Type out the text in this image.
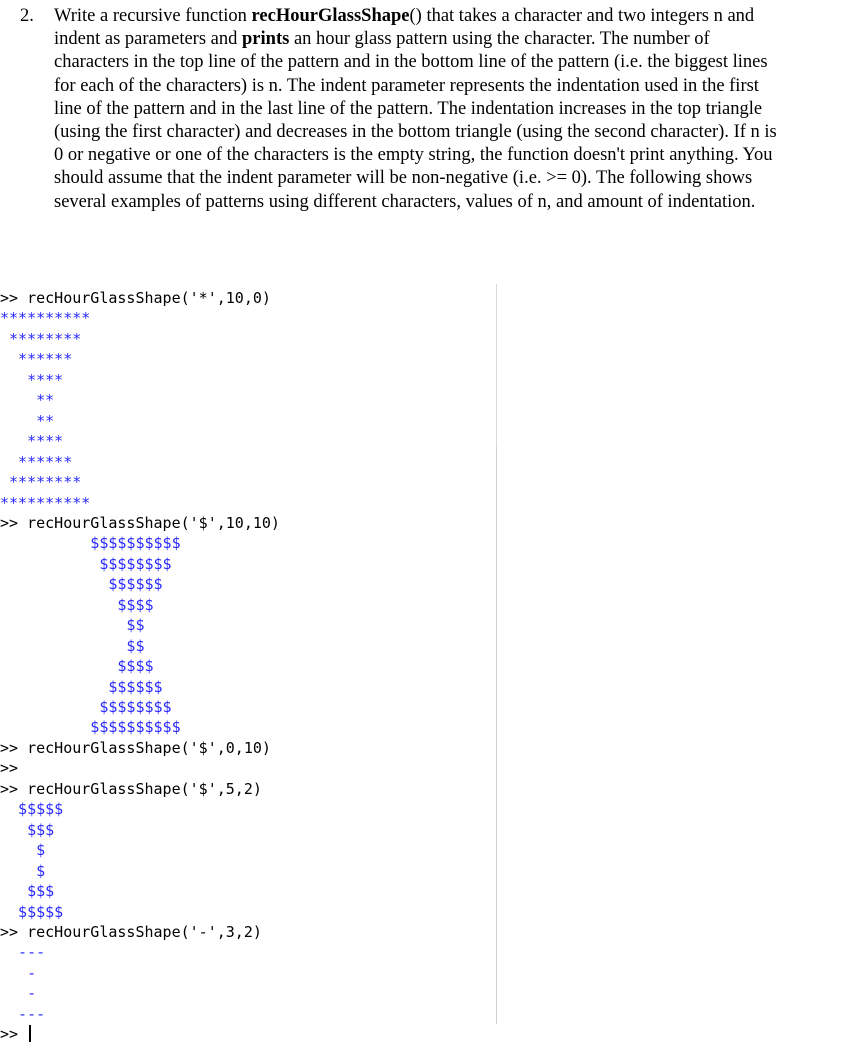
2. Write a recursive function recHourGlassShape() that takes a character and two integers n and indent as parameters and prints an hour glass pattern using the character. The number of characters in the top line of the pattern and in the bottom line of the pattern (i.e. the biggest lines for each of the characters) is n. The indent parameter represents the indentation used in the first line of the pattern and in the last line of the pattern. The indentation increases in the top triangle (using the first character) and decreases in the bottom triangle (using the second character). If n is 0 or negative or one of the characters is the empty string, the function doesn't print anything. You should assume that the indent parameter will be non-negative (i.e. >= 0). The following shows several examples of patterns using different characters, values of n, and amount of indentation.
>> recHourGlassShape('*',10,0)
**********
********
******
****
**
**
****
******
********
**********
>> recHourGlassShape('$',10,10)
$$$$$$$$$$
$$$$$$$$
$$$$$$
$$$$
$$
$$
$$$$
$$$$$$
$$$$$$$$
$$$$$$$$$$
>> recHourGlassShape('$',0,10)
>>
>> recHourGlassShape('$',5,2)
$$$$$
$$$
$
$
$$$
$$$$$
>> recHourGlassShape('-',3,2)
---
-
-
---
>>
